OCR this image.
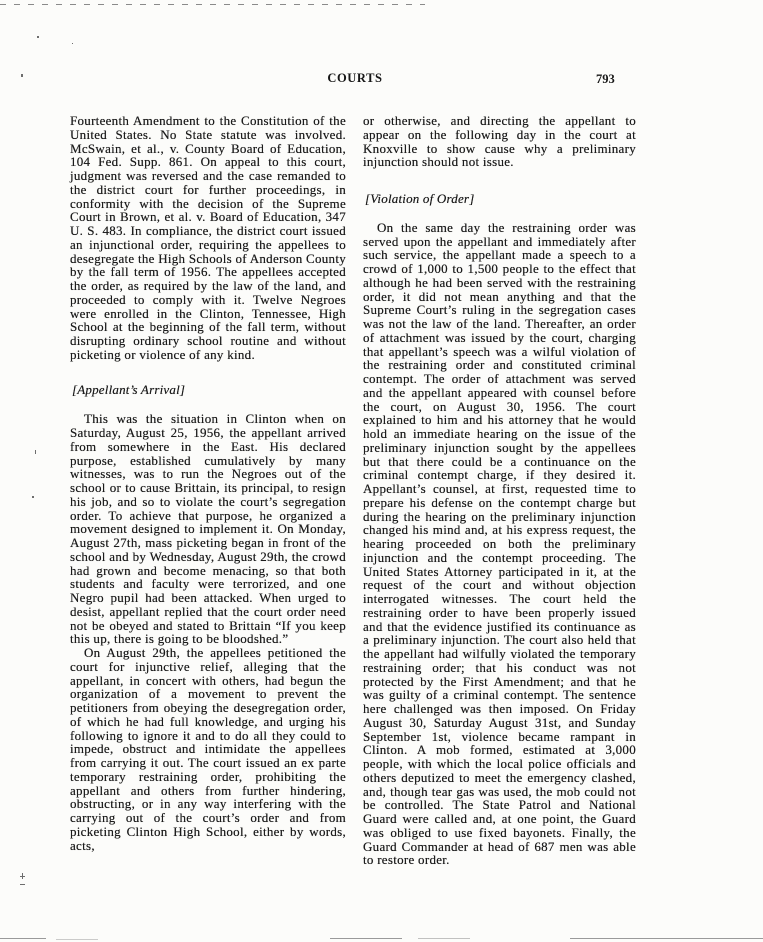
COURTS	793

Fourteenth Amendment to the Constitution of the United States. No State statute was involved. McSwain, et al., v. County Board of Education, 104 Fed. Supp. 861. On appeal to this court, judgment was reversed and the case remanded to the district court for further proceedings, in conformity with the decision of the Supreme Court in Brown, et al. v. Board of Education, 347 U. S. 483. In compliance, the district court issued an injunctional order, requiring the appellees to desegregate the High Schools of Anderson County by the fall term of 1956. The appellees accepted the order, as required by the law of the land, and proceeded to comply with it. Twelve Negroes were enrolled in the Clinton, Tennessee, High School at the beginning of the fall term, without disrupting ordinary school routine and without picketing or violence of any kind.

[Appellant’s Arrival]

This was the situation in Clinton when on Saturday, August 25, 1956, the appellant arrived from somewhere in the East. His declared purpose, established cumulatively by many witnesses, was to run the Negroes out of the school or to cause Brittain, its principal, to resign his job, and so to violate the court’s segregation order. To achieve that purpose, he organized a movement designed to implement it. On Monday, August 27th, mass picketing began in front of the school and by Wednesday, August 29th, the crowd had grown and become menacing, so that both students and faculty were terrorized, and one Negro pupil had been attacked. When urged to desist, appellant replied that the court order need not be obeyed and stated to Brittain “If you keep this up, there is going to be bloodshed.”

On August 29th, the appellees petitioned the court for injunctive relief, alleging that the appellant, in concert with others, had begun the organization of a movement to prevent the petitioners from obeying the desegregation order, of which he had full knowledge, and urging his following to ignore it and to do all they could to impede, obstruct and intimidate the appellees from carrying it out. The court issued an ex parte temporary restraining order, prohibiting the appellant and others from further hindering, obstructing, or in any way interfering with the carrying out of the court’s order and from picketing Clinton High School, either by words, acts,

or otherwise, and directing the appellant to appear on the following day in the court at Knoxville to show cause why a preliminary injunction should not issue.

[Violation of Order]

On the same day the restraining order was served upon the appellant and immediately after such service, the appellant made a speech to a crowd of 1,000 to 1,500 people to the effect that although he had been served with the restraining order, it did not mean anything and that the Supreme Court’s ruling in the segregation cases was not the law of the land. Thereafter, an order of attachment was issued by the court, charging that appellant’s speech was a wilful violation of the restraining order and constituted criminal contempt. The order of attachment was served and the appellant appeared with counsel before the court, on August 30, 1956. The court explained to him and his attorney that he would hold an immediate hearing on the issue of the preliminary injunction sought by the appellees but that there could be a continuance on the criminal contempt charge, if they desired it. Appellant’s counsel, at first, requested time to prepare his defense on the contempt charge but during the hearing on the preliminary injunction changed his mind and, at his express request, the hearing proceeded on both the preliminary injunction and the contempt proceeding. The United States Attorney participated in it, at the request of the court and without objection interrogated witnesses. The court held the restraining order to have been properly issued and that the evidence justified its continuance as a preliminary injunction. The court also held that the appellant had wilfully violated the temporary restraining order; that his conduct was not protected by the First Amendment; and that he was guilty of a criminal contempt. The sentence here challenged was then imposed. On Friday August 30, Saturday August 31st, and Sunday September 1st, violence became rampant in Clinton. A mob formed, estimated at 3,000 people, with which the local police officials and others deputized to meet the emergency clashed, and, though tear gas was used, the mob could not be controlled. The State Patrol and National Guard were called and, at one point, the Guard was obliged to use fixed bayonets. Finally, the Guard Commander at head of 687 men was able to restore order.
